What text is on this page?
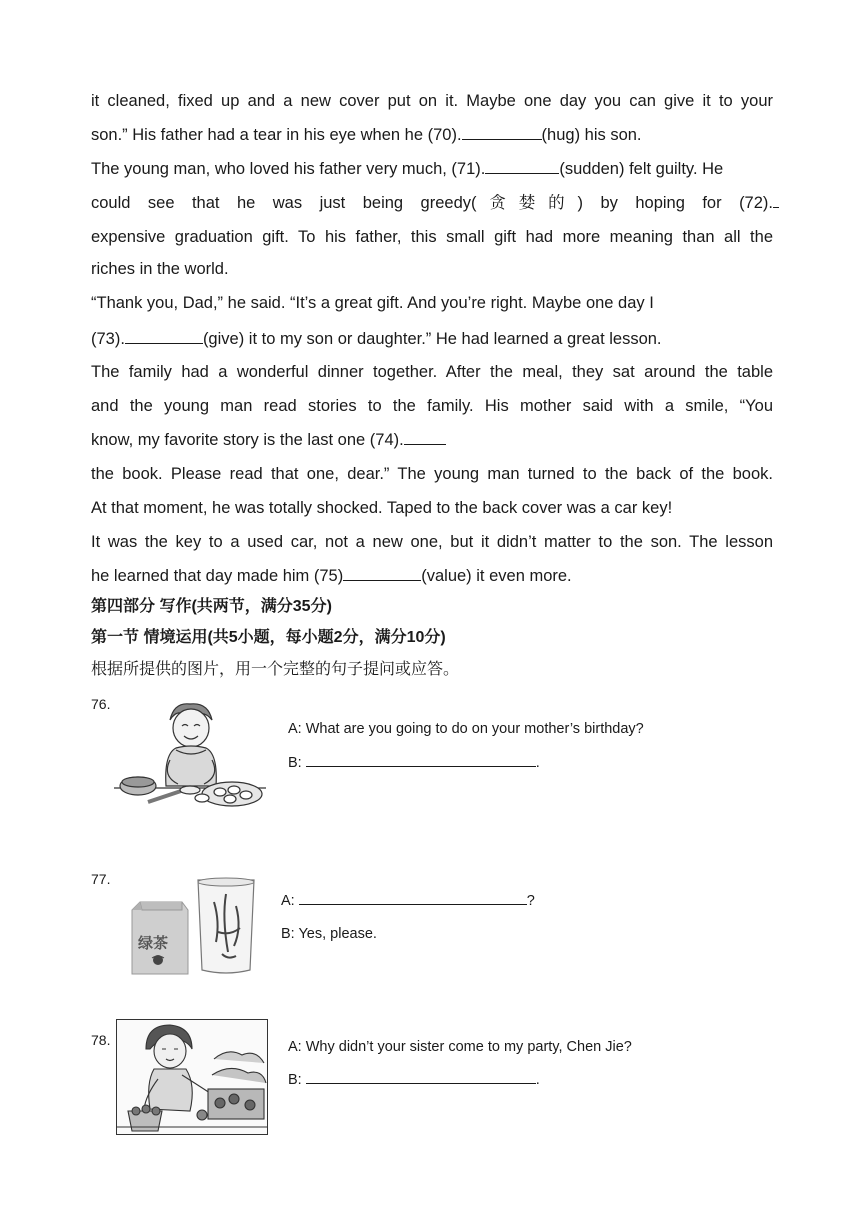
it cleaned, fixed up and a new cover put on it. Maybe one day you can give it to your
son.” His father had a tear in his eye when he (70).	(hug) his son.
The young man, who loved his father very much, (71).	(sudden) felt guilty. He
could see that he was just being greedy(贪婪的) by hoping for (72).
expensive graduation gift. To his father, this small gift had more meaning than all the
riches in the world.
“Thank you, Dad,” he said. “It’s a great gift. And you’re right. Maybe one day I
(73).	(give) it to my son or daughter.” He had learned a great lesson.
The family had a wonderful dinner together. After the meal, they sat around the table
and the young man read stories to the family. His mother said with a smile, “You
know, my favorite story is the last one (74).
the book. Please read that one, dear.” The young man turned to the back of the book.
At that moment, he was totally shocked. Taped to the back cover was a car key!
It was the key to a used car, not a new one, but it didn’t matter to the son. The lesson
he learned that day made him (75)	(value) it even more.
第四部分 写作(共两节，满分35分)
第一节 情境运用(共5小题，每小题2分，满分10分)
根据所提供的图片，用一个完整的句子提问或应答。
76.
A: What are you going to do on your mother’s birthday?
B:	.
77.
绿茶
A:	?
B: Yes, please.
78.	A: Why didn’t your sister come to my party, Chen Jie?
B:	.
